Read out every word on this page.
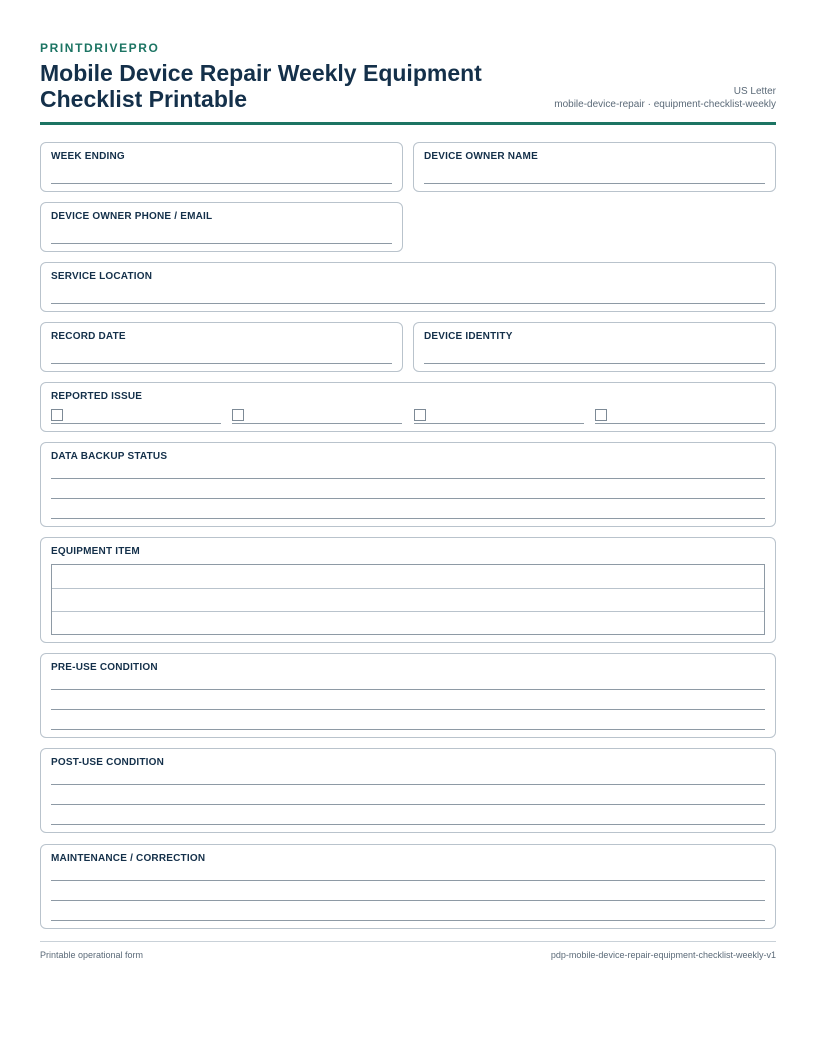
PRINTDRIVEPRO
Mobile Device Repair Weekly Equipment Checklist Printable	US Letter
mobile-device-repair · equipment-checklist-weekly
WEEK ENDING	DEVICE OWNER NAME
DEVICE OWNER PHONE / EMAIL
SERVICE LOCATION
RECORD DATE	DEVICE IDENTITY
REPORTED ISSUE
DATA BACKUP STATUS
EQUIPMENT ITEM
PRE-USE CONDITION
POST-USE CONDITION
MAINTENANCE / CORRECTION
Printable operational form	pdp-mobile-device-repair-equipment-checklist-weekly-v1
